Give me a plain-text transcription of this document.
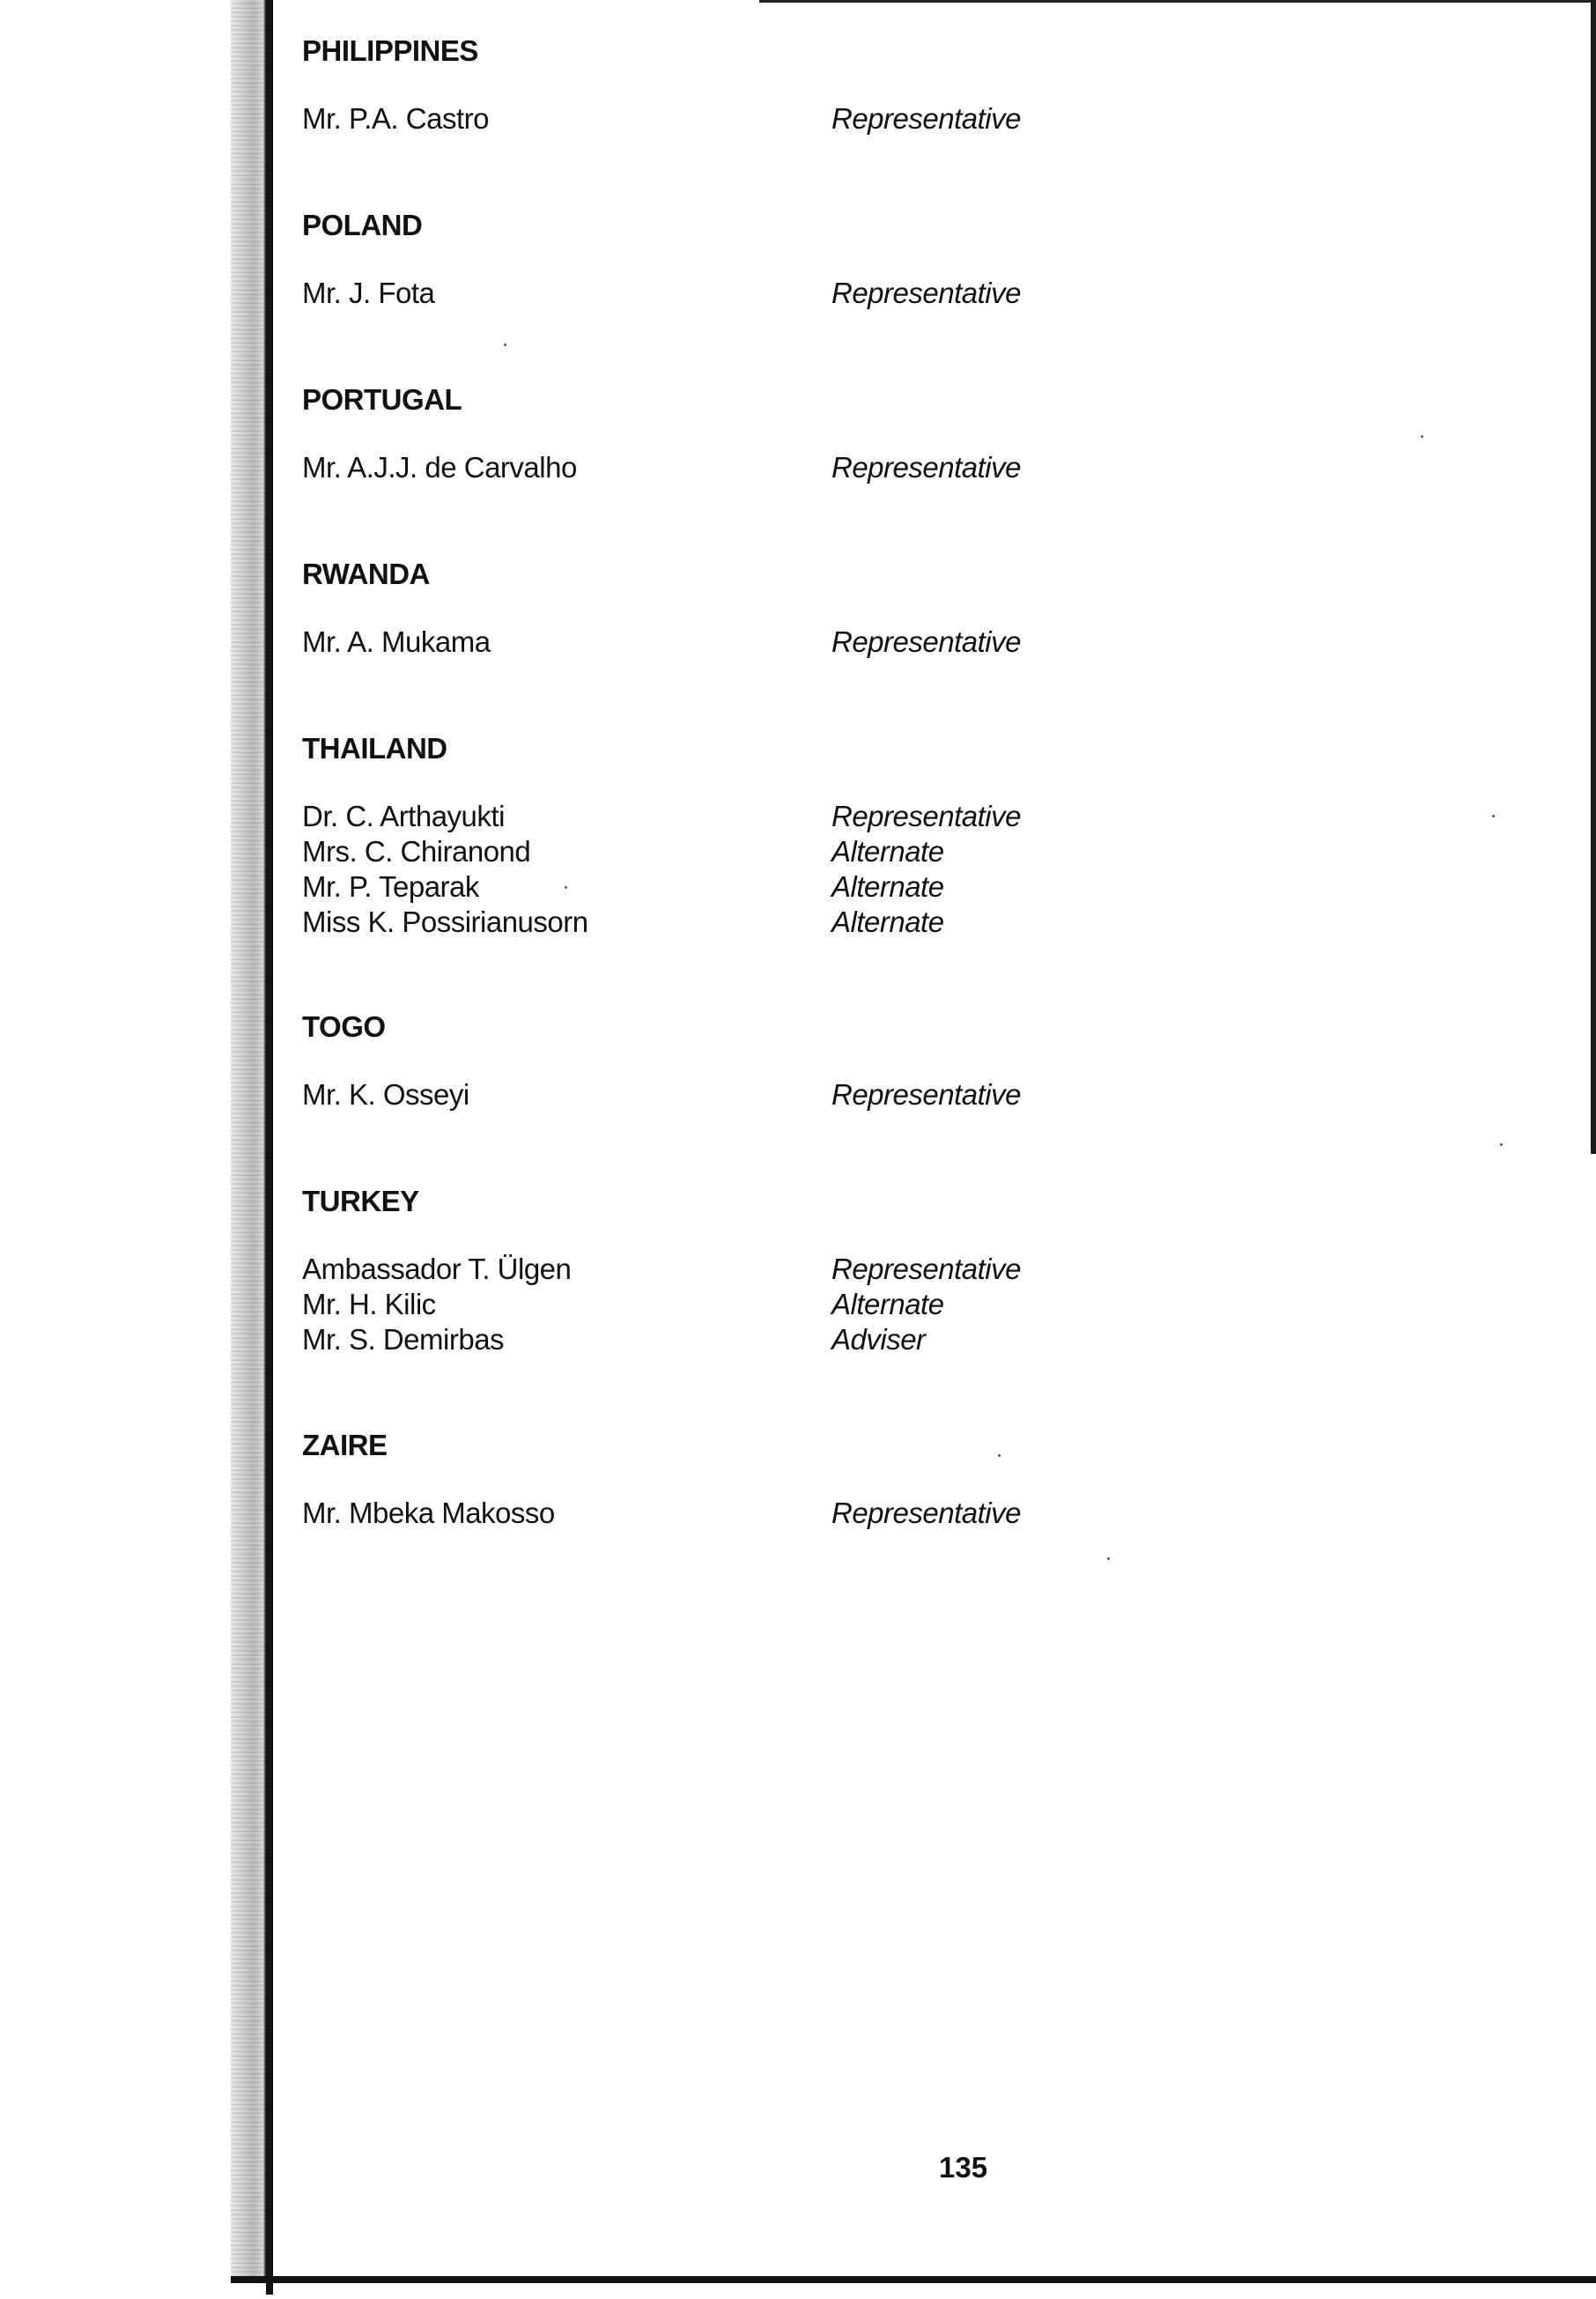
PHILIPPINES
Mr. P.A. Castro	Representative
POLAND
Mr. J. Fota	Representative
PORTUGAL
Mr. A.J.J. de Carvalho	Representative
RWANDA
Mr. A. Mukama	Representative
THAILAND
Dr. C. Arthayukti	Representative
Mrs. C. Chiranond	Alternate
Mr. P. Teparak	Alternate
Miss K. Possirianusorn	Alternate
TOGO
Mr. K. Osseyi	Representative
TURKEY
Ambassador T. Ülgen	Representative
Mr. H. Kilic	Alternate
Mr. S. Demirbas	Adviser
ZAIRE
Mr. Mbeka Makosso	Representative
135
